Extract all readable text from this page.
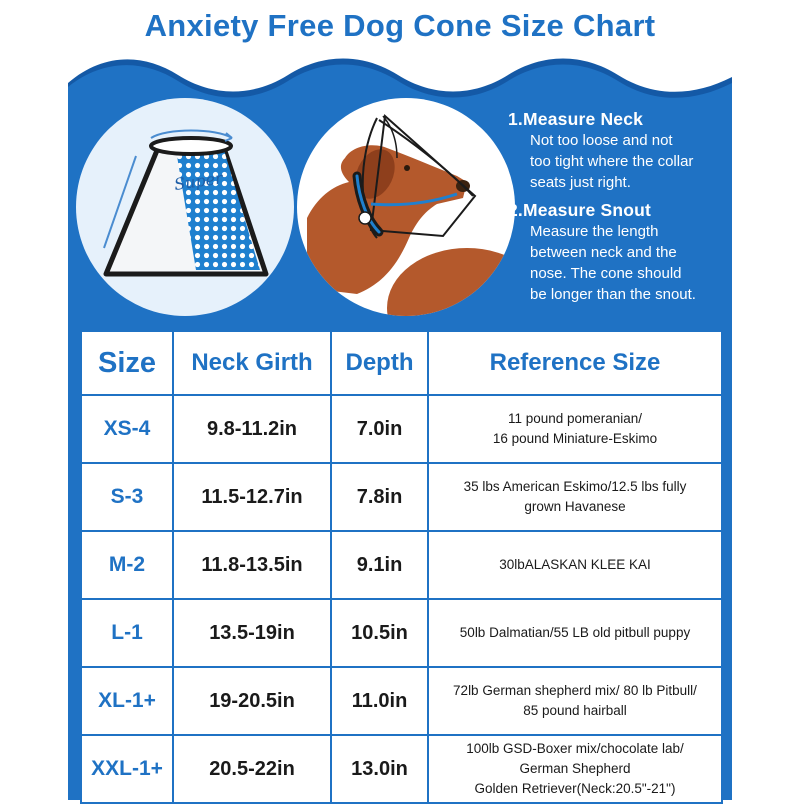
Anxiety Free Dog Cone Size Chart
Super
1.Measure Neck
Not too loose and not
too tight where the collar
seats just right.
2.Measure Snout
Measure the length
between neck and the
nose. The cone should
be longer than the snout.
Size	Neck Girth	Depth	Reference Size
XS-4	9.8-11.2in	7.0in	11 pound pomeranian/
16 pound Miniature-Eskimo
S-3	11.5-12.7in	7.8in	35 lbs American Eskimo/12.5 lbs fully
grown Havanese
M-2	11.8-13.5in	9.1in	30lbALASKAN KLEE KAI
L-1	13.5-19in	10.5in	50lb Dalmatian/55 LB old pitbull puppy
XL-1+	19-20.5in	11.0in	72lb German shepherd mix/ 80 lb Pitbull/
85 pound hairball
XXL-1+	20.5-22in	13.0in	100lb GSD-Boxer mix/chocolate lab/
German Shepherd
Golden Retriever(Neck:20.5"-21")
